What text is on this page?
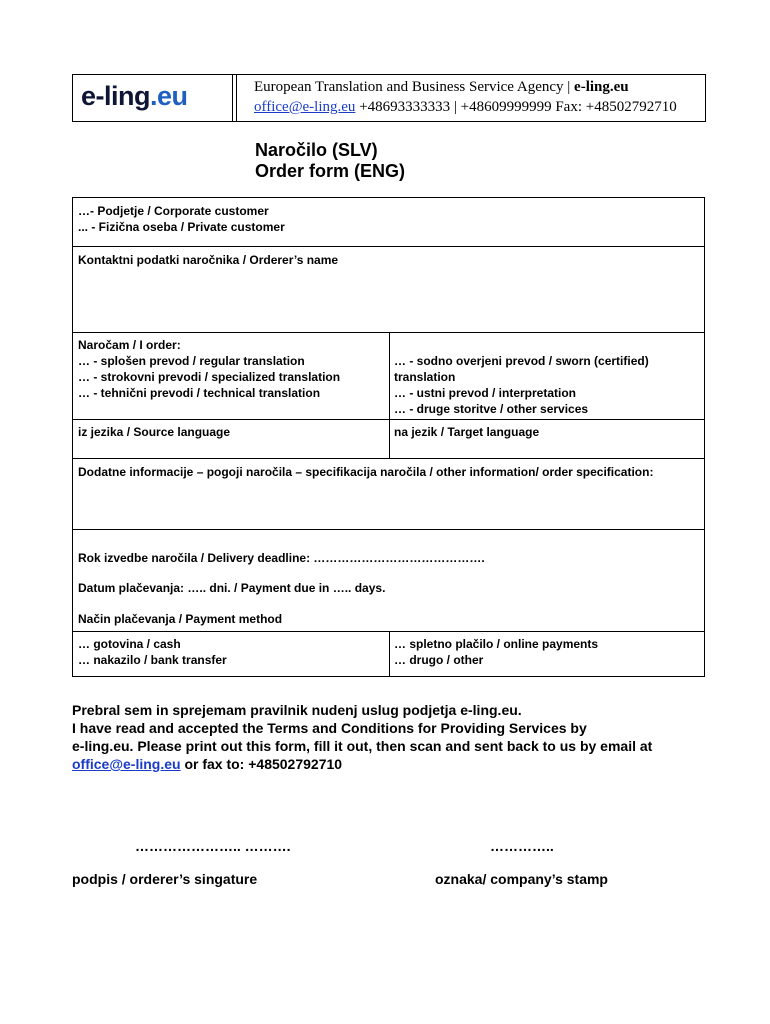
e-ling.eu	European Translation and Business Service Agency | e-ling.eu
office@e-ling.eu +48693333333 | +48609999999 Fax: +48502792710
Naročilo (SLV)
Order form (ENG)
…- Podjetje / Corporate customer
... - Fizična oseba / Private customer
Kontaktni podatki naročnika / Orderer’s name
Naročam / I order:
… - splošen prevod / regular translation
… - strokovni prevodi / specialized translation
… - tehnični prevodi / technical translation
… - sodno overjeni prevod / sworn (certified)
translation
… - ustni prevod / interpretation
… - druge storitve / other services
iz jezika / Source language	na jezik / Target language
Dodatne informacije – pogoji naročila – specifikacija naročila / other information/ order specification:
Rok izvedbe naročila / Delivery deadline: …………………………………….
Datum plačevanja: ….. dni. / Payment due in ….. days.
Način plačevanja / Payment method
… gotovina / cash
… nakazilo / bank transfer
… spletno plačilo / online payments
… drugo / other
Prebral sem in sprejemam pravilnik nudenj uslug podjetja e-ling.eu.
I have read and accepted the Terms and Conditions for Providing Services by
e-ling.eu. Please print out this form, fill it out, then scan and sent back to us by email at
office@e-ling.eu or fax to: +48502792710
………………….. ……….	…………..
podpis / orderer’s singature	oznaka/ company’s stamp
